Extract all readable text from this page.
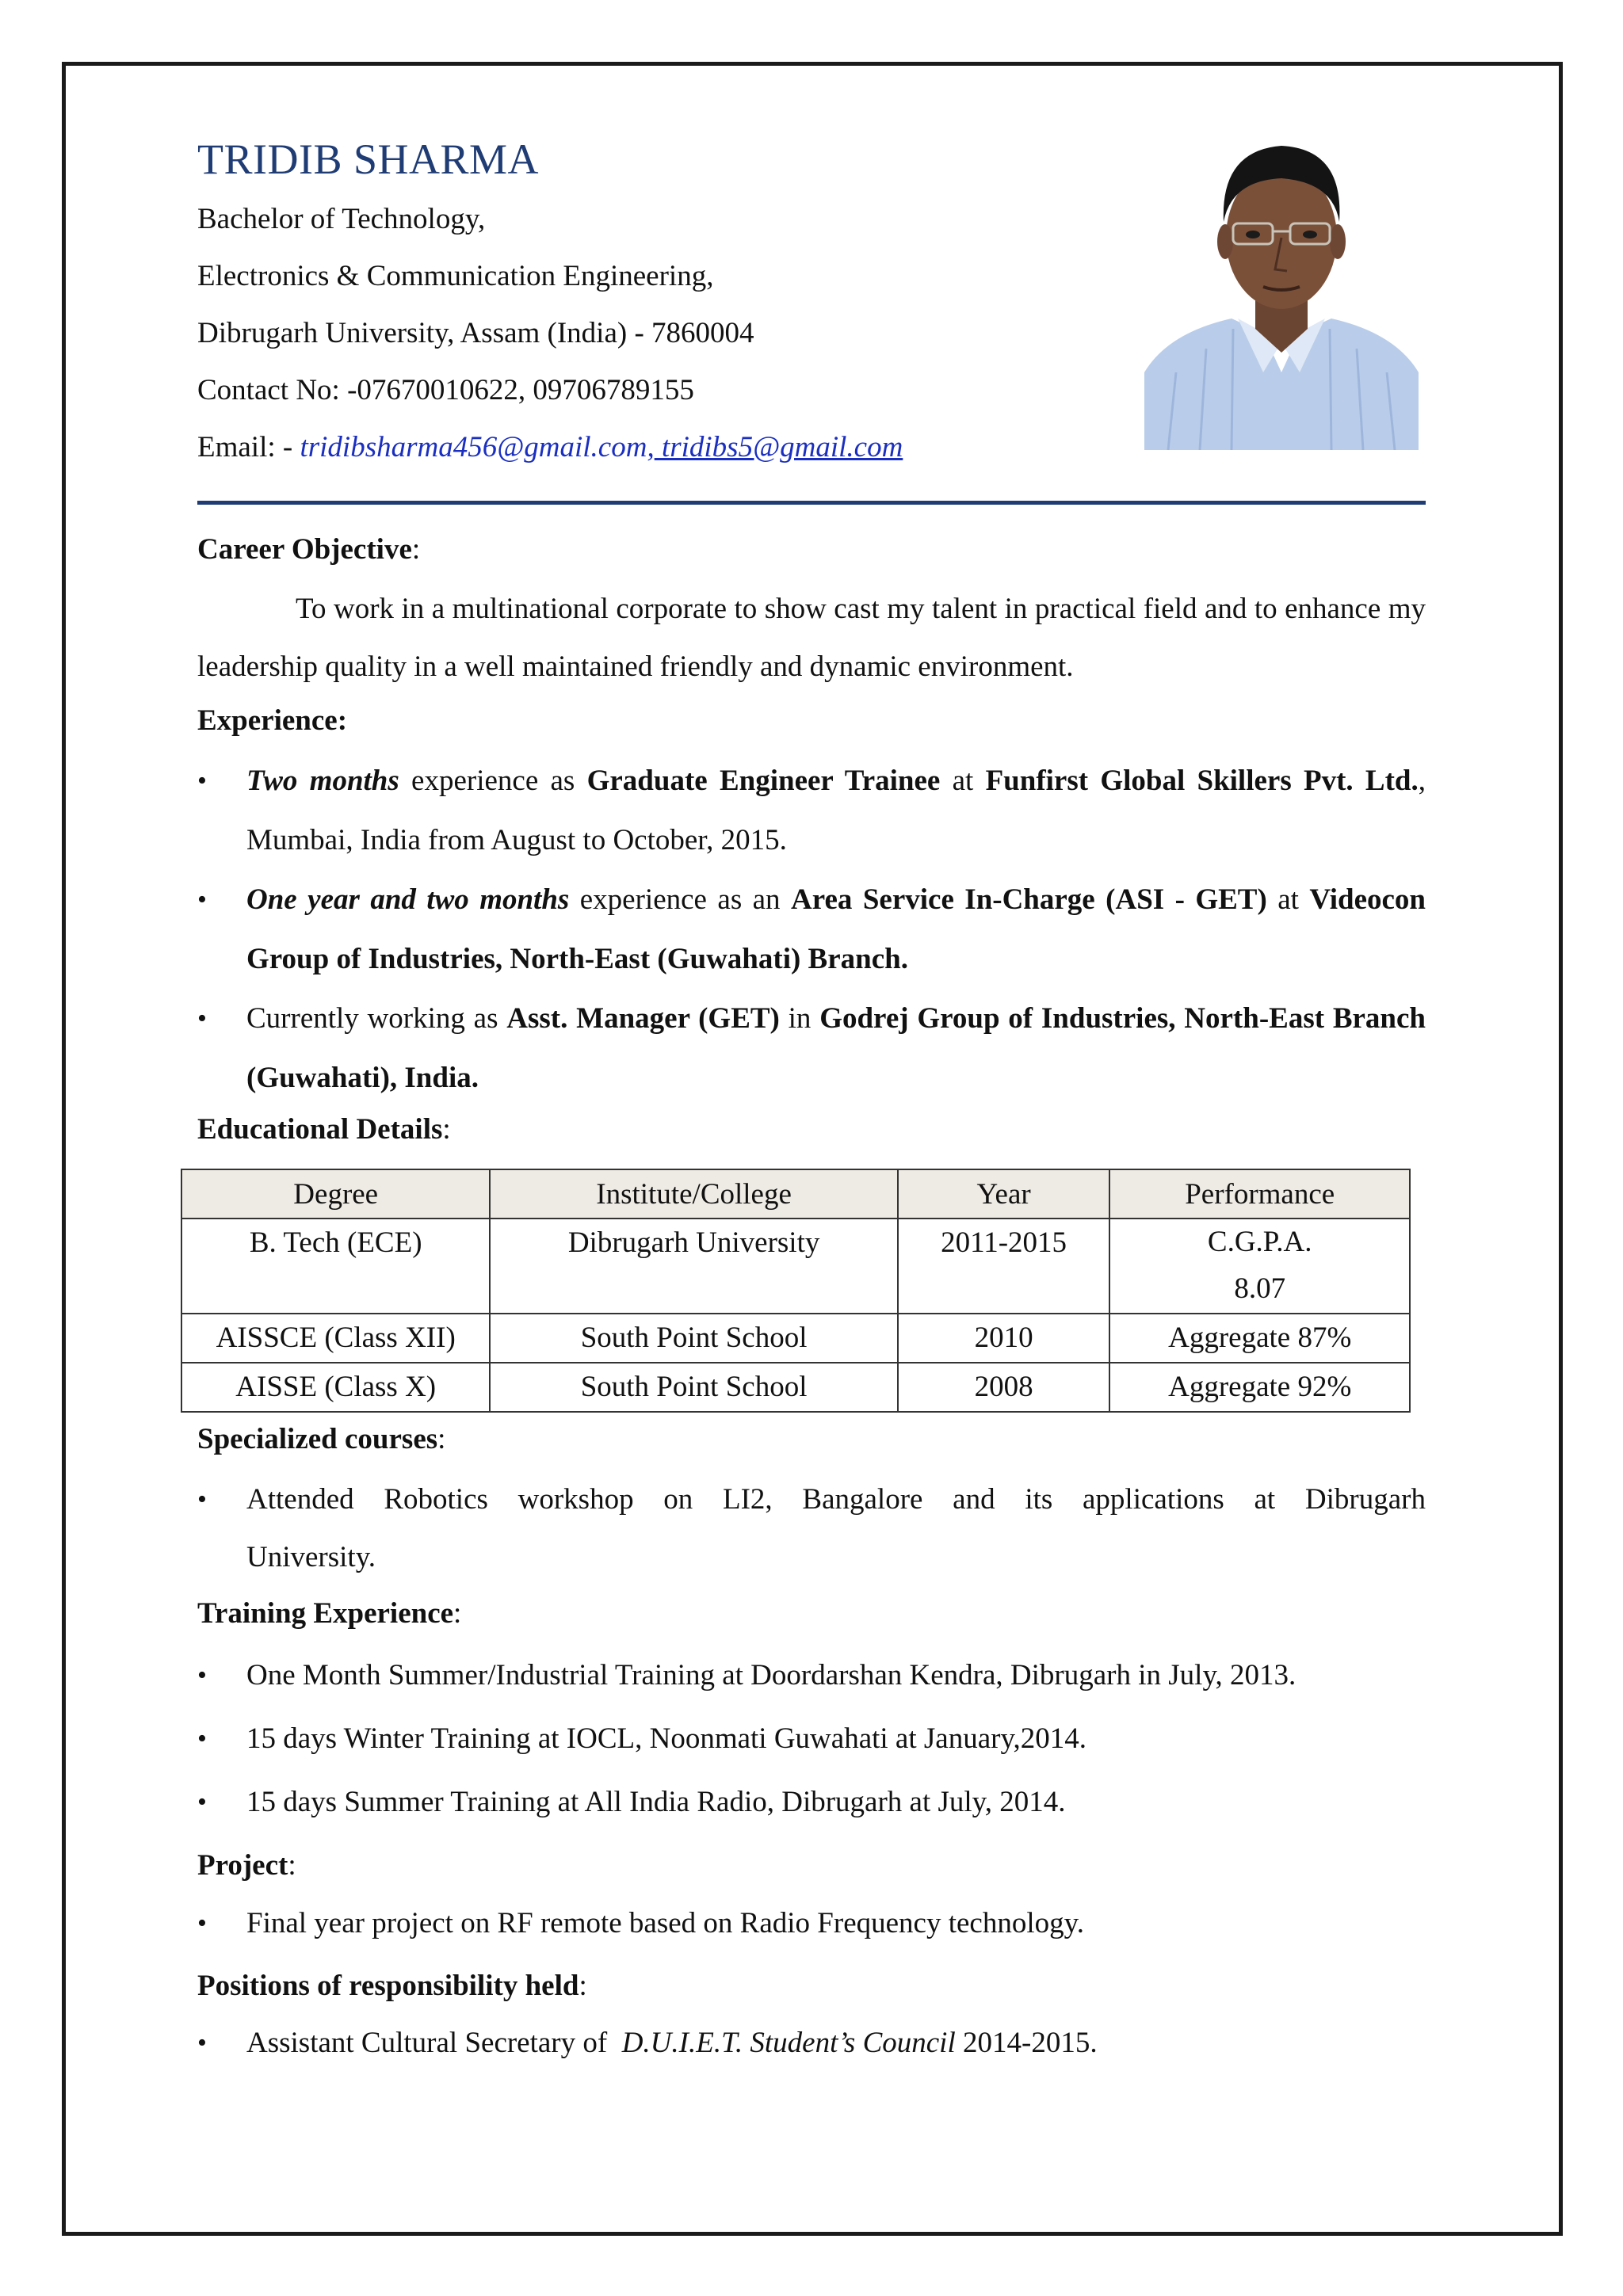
TRIDIB SHARMA
Bachelor of Technology,
Electronics & Communication Engineering,
Dibrugarh University, Assam (India) - 7860004
Contact No: -07670010622, 09706789155
Email: - tridibsharma456@gmail.com, tridibs5@gmail.com
Career Objective:
To work in a multinational corporate to show cast my talent in practical field and to enhance my leadership quality in a well maintained friendly and dynamic environment.
Experience:
• Two months experience as Graduate Engineer Trainee at Funfirst Global Skillers Pvt. Ltd., Mumbai, India from August to October, 2015.
• One year and two months experience as an Area Service In-Charge (ASI - GET) at Videocon Group of Industries, North-East (Guwahati) Branch.
• Currently working as Asst. Manager (GET) in Godrej Group of Industries, North-East Branch (Guwahati), India.
Educational Details:
Degree	Institute/College	Year	Performance
B. Tech (ECE)	Dibrugarh University	2011-2015	C.G.P.A.
8.07

AISSCE (Class XII)	South Point School	2010	Aggregate 87%
AISSE (Class X)	South Point School	2008	Aggregate 92%
Specialized courses:
• Attended Robotics workshop on LI2, Bangalore and its applications at Dibrugarh University.
Training Experience:
• One Month Summer/Industrial Training at Doordarshan Kendra, Dibrugarh in July, 2013.
• 15 days Winter Training at IOCL, Noonmati Guwahati at January,2014.
• 15 days Summer Training at All India Radio, Dibrugarh at July, 2014.
Project:
• Final year project on RF remote based on Radio Frequency technology.
Positions of responsibility held:
• Assistant Cultural Secretary of  D.U.I.E.T. Student’s Council 2014-2015.
